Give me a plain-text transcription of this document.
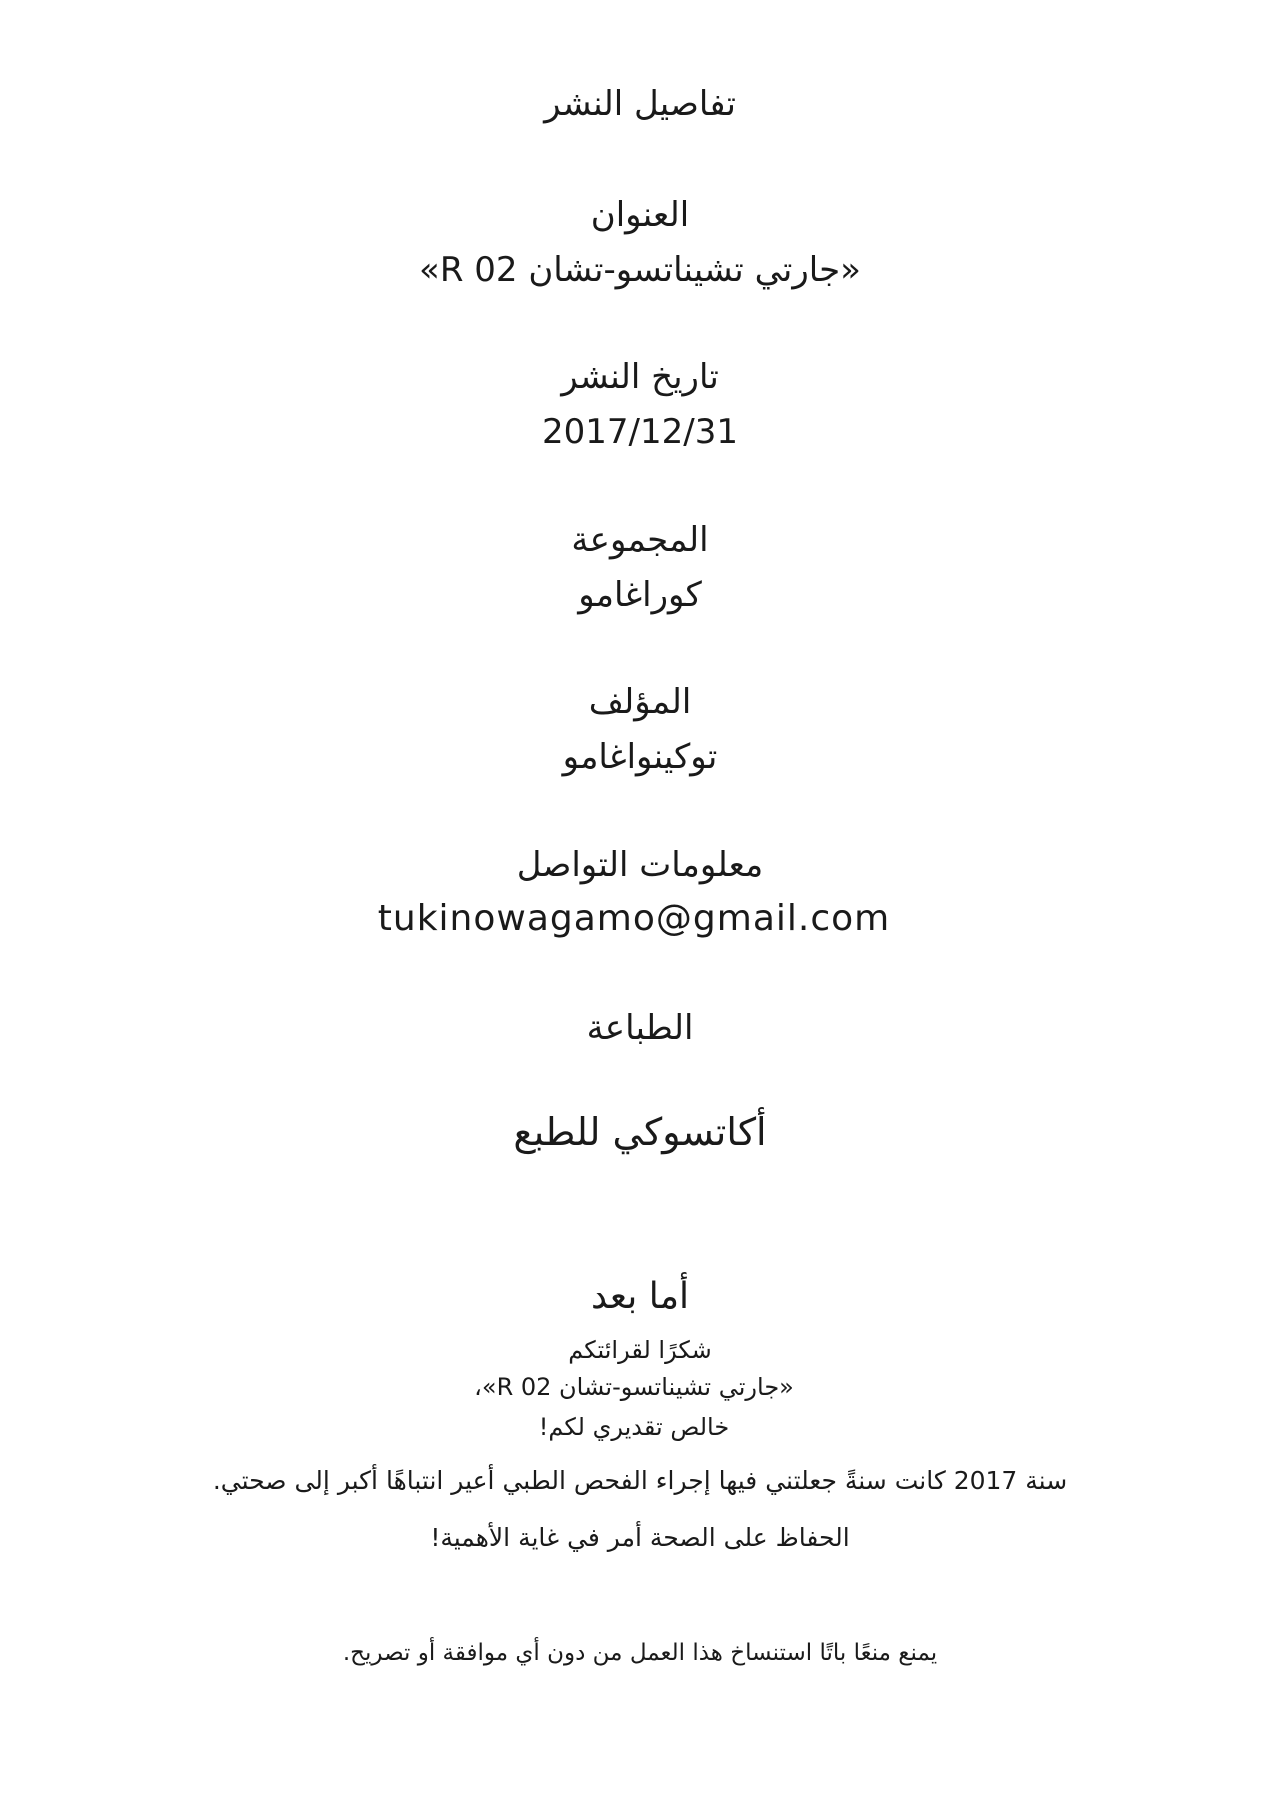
تفاصيل النشر
العنوان
«جارتي تشيناتسو-تشان R 02»
تاريخ النشر
2017/12/31
المجموعة
كوراغامو
المؤلف
توكينواغامو
معلومات التواصل
tukinowagamo@gmail.com
الطباعة
أكاتسوكي للطبع
أما بعد
شكرًا لقرائتكم
«جارتي تشيناتسو-تشان R 02»،
خالص تقديري لكم!
سنة 2017 كانت سنةً جعلتني فيها إجراء الفحص الطبي أعير انتباهًا أكبر إلى صحتي.
الحفاظ على الصحة أمر في غاية الأهمية!
يمنع منعًا باتًا استنساخ هذا العمل من دون أي موافقة أو تصريح.
